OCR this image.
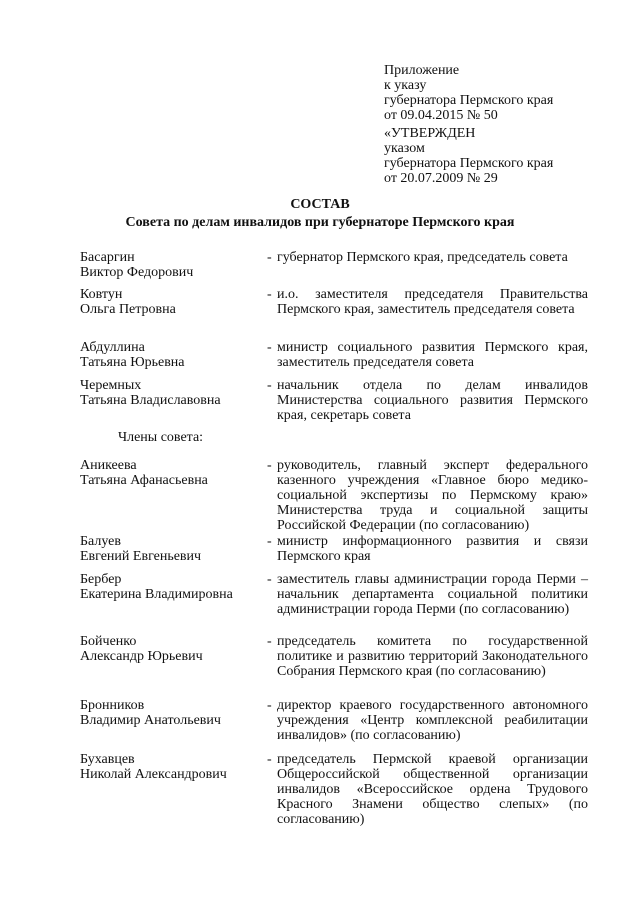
Приложение
к указу
губернатора Пермского края
от 09.04.2015 № 50
«УТВЕРЖДЕН
указом
губернатора Пермского края
от 20.07.2009 № 29
СОСТАВ
Совета по делам инвалидов при губернаторе Пермского края
Басаргин
Виктор Федорович
- губернатор Пермского края, председатель совета
Ковтун
Ольга Петровна
- и.о. заместителя председателя Правительства Пермского края, заместитель председателя совета
Абдуллина
Татьяна Юрьевна
- министр социального развития Пермского края, заместитель председателя совета
Черемных
Татьяна Владиславовна
- начальник отдела по делам инвалидов Министерства социального развития Пермского края, секретарь совета
Члены совета:
Аникеева
Татьяна Афанасьевна
- руководитель, главный эксперт федерального казенного учреждения «Главное бюро медико-социальной экспертизы по Пермскому краю» Министерства труда и социальной защиты Российской Федерации (по согласованию)
Балуев
Евгений Евгеньевич
- министр информационного развития и связи Пермского края
Бербер
Екатерина Владимировна
- заместитель главы администрации города Перми – начальник департамента социальной политики администрации города Перми (по согласованию)
Бойченко
Александр Юрьевич
- председатель комитета по государственной политике и развитию территорий Законодательного Собрания Пермского края (по согласованию)
Бронников
Владимир Анатольевич
- директор краевого государственного автономного учреждения «Центр комплексной реабилитации инвалидов» (по согласованию)
Бухавцев
Николай Александрович
- председатель Пермской краевой организации Общероссийской общественной организации инвалидов «Всероссийское ордена Трудового Красного Знамени общество слепых» (по согласованию)
